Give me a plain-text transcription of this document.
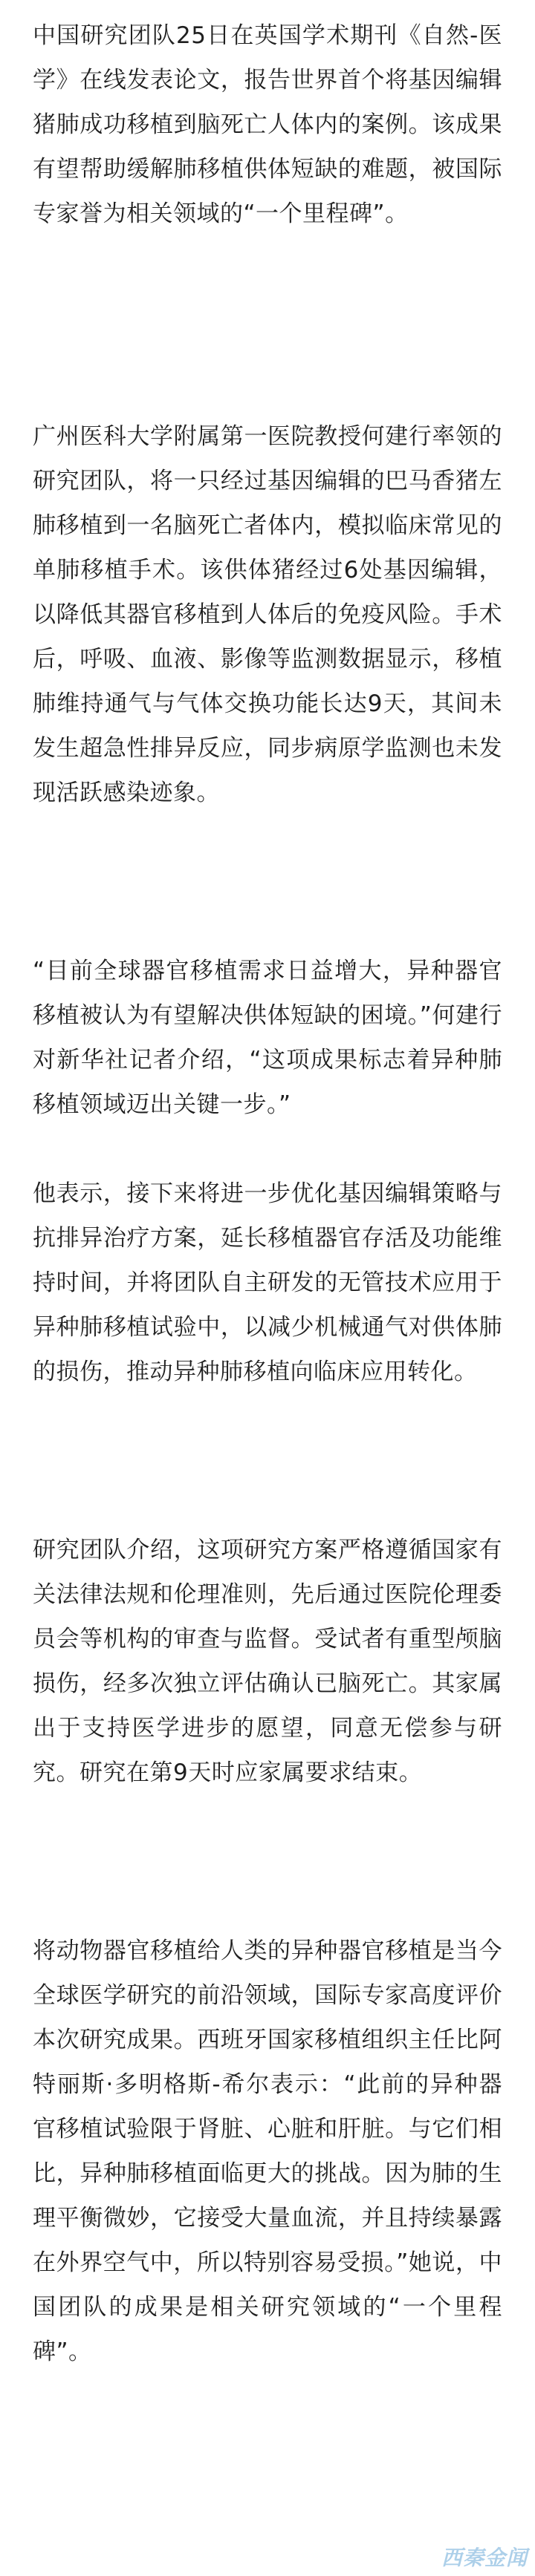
中国研究团队25日在英国学术期刊《自然-医学》在线发表论文，报告世界首个将基因编辑猪肺成功移植到脑死亡人体内的案例。该成果有望帮助缓解肺移植供体短缺的难题，被国际专家誉为相关领域的“一个里程碑”。

广州医科大学附属第一医院教授何建行率领的研究团队，将一只经过基因编辑的巴马香猪左肺移植到一名脑死亡者体内，模拟临床常见的单肺移植手术。该供体猪经过6处基因编辑，以降低其器官移植到人体后的免疫风险。手术后，呼吸、血液、影像等监测数据显示，移植肺维持通气与气体交换功能长达9天，其间未发生超急性排异反应，同步病原学监测也未发现活跃感染迹象。

“目前全球器官移植需求日益增大，异种器官移植被认为有望解决供体短缺的困境。”何建行对新华社记者介绍，“这项成果标志着异种肺移植领域迈出关键一步。”

他表示，接下来将进一步优化基因编辑策略与抗排异治疗方案，延长移植器官存活及功能维持时间，并将团队自主研发的无管技术应用于异种肺移植试验中，以减少机械通气对供体肺的损伤，推动异种肺移植向临床应用转化。

研究团队介绍，这项研究方案严格遵循国家有关法律法规和伦理准则，先后通过医院伦理委员会等机构的审查与监督。受试者有重型颅脑损伤，经多次独立评估确认已脑死亡。其家属出于支持医学进步的愿望，同意无偿参与研究。研究在第9天时应家属要求结束。

将动物器官移植给人类的异种器官移植是当今全球医学研究的前沿领域，国际专家高度评价本次研究成果。西班牙国家移植组织主任比阿特丽斯·多明格斯-希尔表示：“此前的异种器官移植试验限于肾脏、心脏和肝脏。与它们相比，异种肺移植面临更大的挑战。因为肺的生理平衡微妙，它接受大量血流，并且持续暴露在外界空气中，所以特别容易受损。”她说，中国团队的成果是相关研究领域的“一个里程碑”。

西秦金闻
